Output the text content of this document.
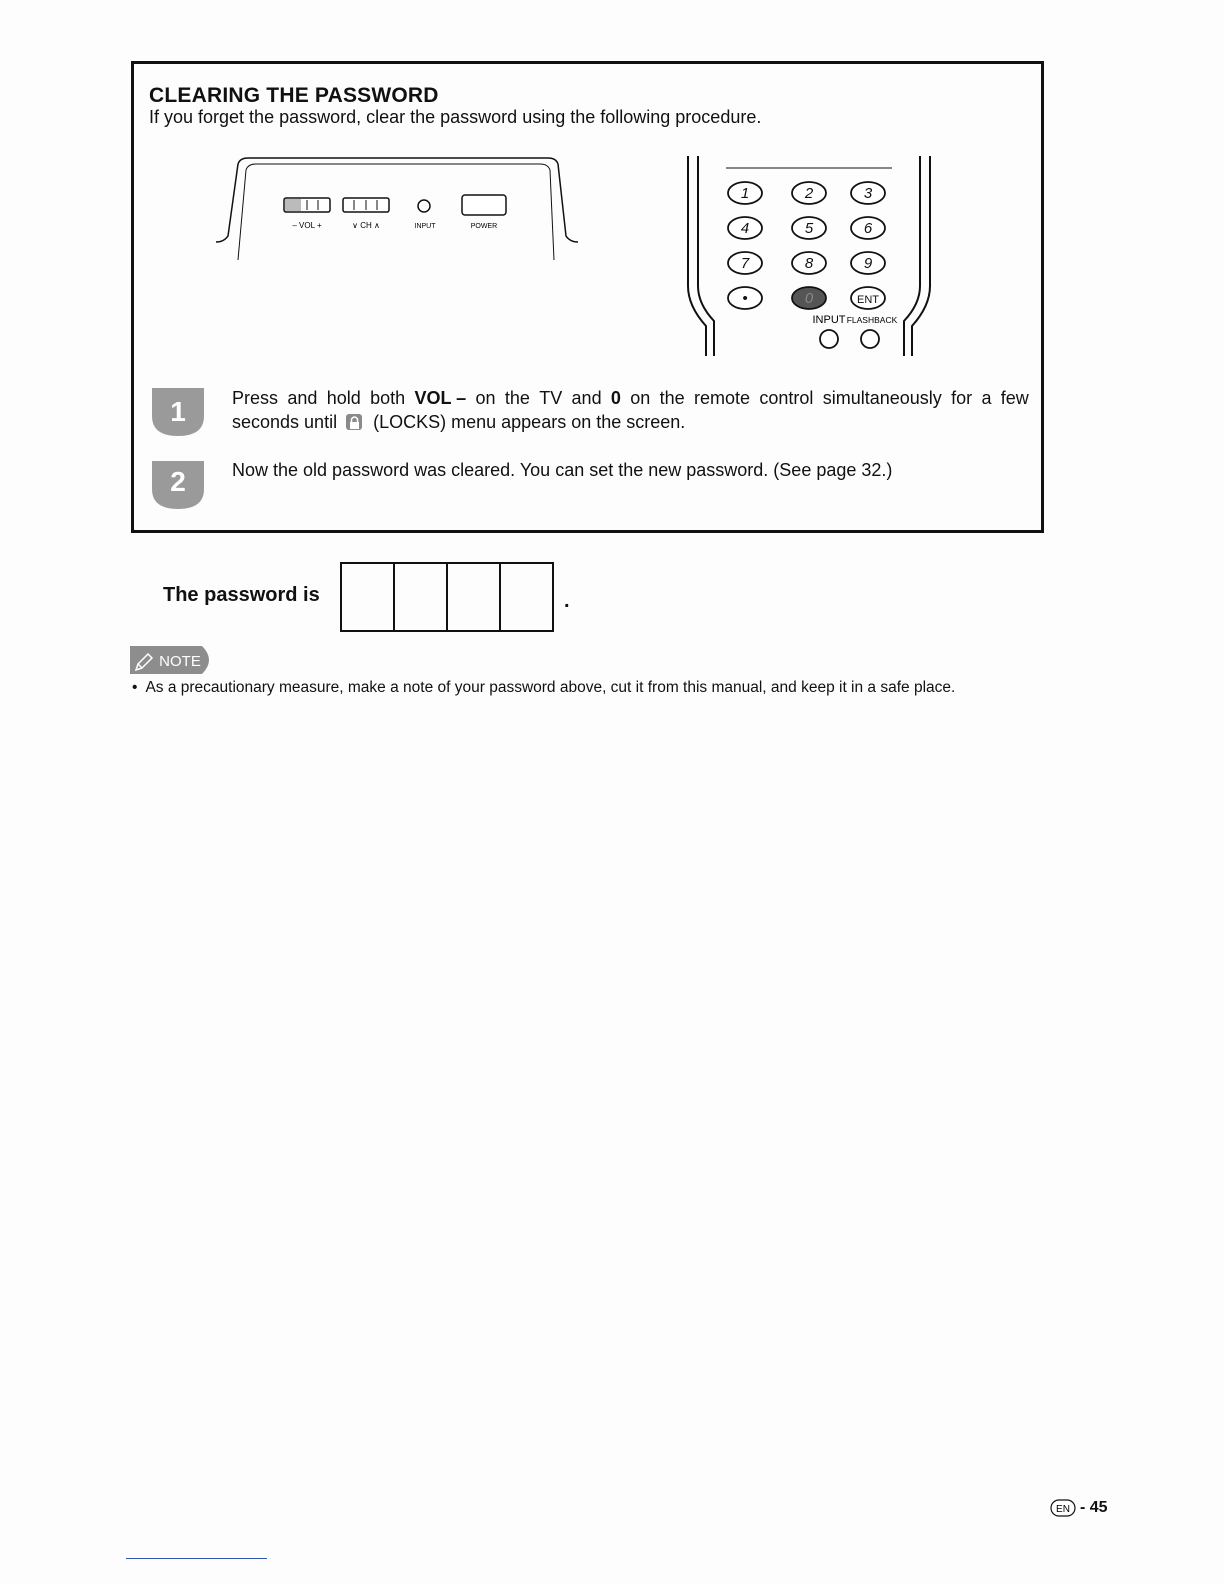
CLEARING THE PASSWORD
If you forget the password, clear the password using the following procedure.
– VOL +	∨ CH ∧	INPUT	POWER
1	2	3
4	5	6
7	8	9
•	0	ENT
INPUT FLASHBACK
1	Press and hold both VOL – on the TV and 0 on the remote control simultaneously for a few
seconds until (LOCKS) menu appears on the screen.
2	Now the old password was cleared. You can set the new password. (See page 32.)
The password is	.
NOTE
• As a precautionary measure, make a note of your password above, cut it from this manual, and keep it in a safe place.
EN - 45
